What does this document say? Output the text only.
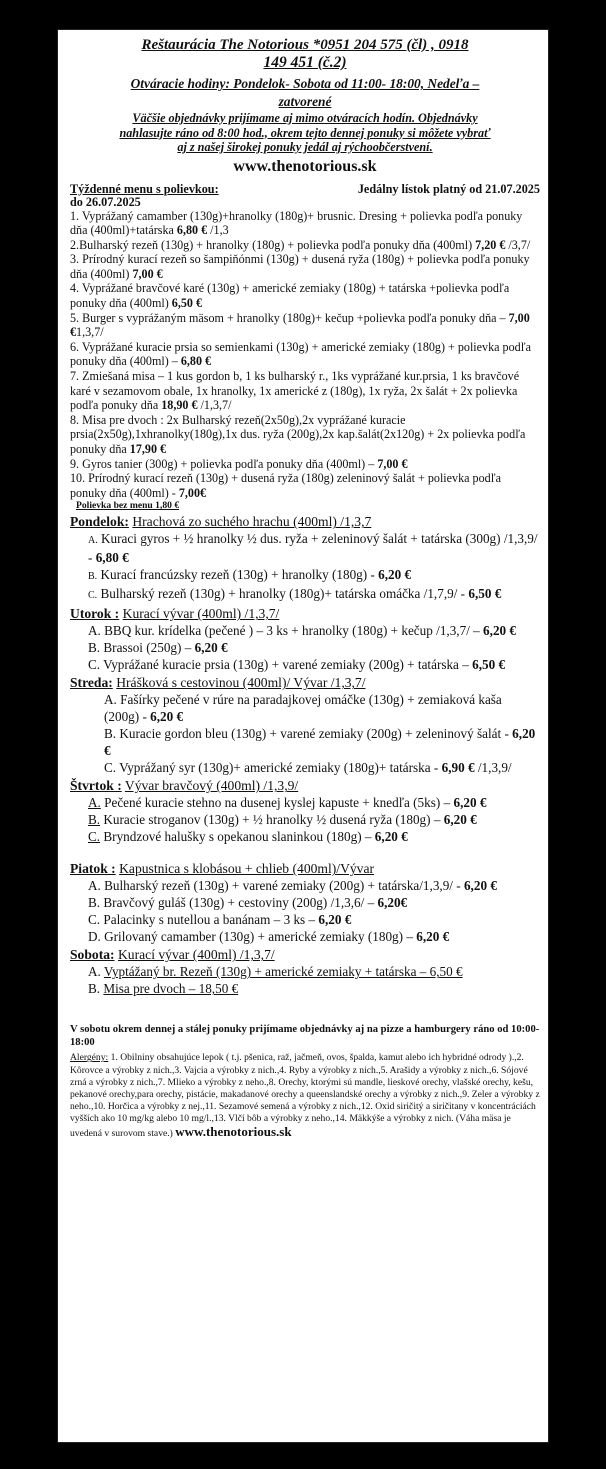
Reštaurácia The Notorious *0951 204 575 (čl) , 0918
149 451 (č.2)
Otváracie hodiny: Pondelok- Sobota od 11:00- 18:00, Nedeľa –
zatvorené
Väčšie objednávky prijímame aj mimo otváracích hodín. Objednávky
nahlasujte ráno od 8:00 hod., okrem tejto dennej ponuky si môžete vybrať
aj z našej širokej ponuky jedál aj rýchoobčerstvení.
www.thenotorious.sk
Týždenné menu s polievkou:	Jedálny lístok platný od 21.07.2025
do 26.07.2025
1. Vyprážaný camamber (130g)+hranolky (180g)+ brusnic. Dresing + polievka podľa ponuky dňa (400ml)+tatárska 6,80 € /1,3
2.Bulharský rezeň (130g) + hranolky (180g) + polievka podľa ponuky dňa (400ml) 7,20 € /3,7/
3. Prírodný kurací rezeň so šampiňónmi (130g) + dusená ryža (180g) + polievka podľa ponuky dňa (400ml) 7,00 €
4. Vyprážané bravčové karé (130g) + americké zemiaky (180g) + tatárska +polievka podľa ponuky dňa (400ml) 6,50 €
5. Burger s vyprážaným mäsom + hranolky (180g)+ kečup +polievka podľa ponuky dňa – 7,00 €1,3,7/
6. Vyprážané kuracie prsia so semienkami (130g) + americké zemiaky (180g) + polievka podľa ponuky dňa (400ml) – 6,80 €
7. Zmiešaná misa – 1 kus gordon b, 1 ks bulharský r., 1ks vyprážané kur.prsia, 1 ks bravčové karé v sezamovom obale, 1x hranolky, 1x americké z (180g), 1x ryža, 2x šalát + 2x polievka podľa ponuky dňa 18,90 € /1,3,7/
8. Misa pre dvoch : 2x Bulharský rezeň(2x50g),2x vyprážané kuracie prsia(2x50g),1xhranolky(180g),1x dus. ryža (200g),2x kap.šalát(2x120g) + 2x polievka podľa ponuky dňa 17,90 €
9. Gyros tanier (300g) + polievka podľa ponuky dňa (400ml) – 7,00 €
10. Prírodný kurací rezeň (130g) + dusená ryža (180g) zeleninový šalát + polievka podľa ponuky dňa (400ml) - 7,00€
Polievka bez menu 1,80 €
Pondelok: Hrachová zo suchého hrachu (400ml) /1,3,7
A. Kuraci gyros + ½ hranolky ½ dus. ryža + zeleninový šalát + tatárska (300g) /1,3,9/ - 6,80 €
B. Kurací francúzsky rezeň (130g) + hranolky (180g) - 6,20 €
C. Bulharský rezeň (130g) + hranolky (180g)+ tatárska omáčka /1,7,9/ - 6,50 €
Utorok : Kurací vývar (400ml) /1,3,7/
A. BBQ kur. krídelka (pečené ) – 3 ks + hranolky (180g) + kečup /1,3,7/ – 6,20 €
B. Brassoi (250g) – 6,20 €
C. Vyprážané kuracie prsia (130g) + varené zemiaky (200g) + tatárska – 6,50 €
Streda: Hrášková s cestovinou (400ml)/ Vývar /1,3,7/
A. Fašírky pečené v rúre na paradajkovej omáčke (130g) + zemiaková kaša (200g) - 6,20 €
B. Kuracie gordon bleu (130g) + varené zemiaky (200g) + zeleninový šalát - 6,20 €
C. Vyprážaný syr (130g)+ americké zemiaky (180g)+ tatárska - 6,90 € /1,3,9/
Štvrtok : Vývar bravčový (400ml) /1,3,9/
A. Pečené kuracie stehno na dusenej kyslej kapuste + knedľa (5ks) – 6,20 €
B. Kuracie stroganov (130g) + ½ hranolky ½ dusená ryža (180g) – 6,20 €
C. Bryndzové halušky s opekanou slaninkou (180g) – 6,20 €
Piatok : Kapustnica s klobásou + chlieb (400ml)/Vývar
A. Bulharský rezeň (130g) + varené zemiaky (200g) + tatárska/1,3,9/ - 6,20 €
B. Bravčový guláš (130g) + cestoviny (200g) /1,3,6/ – 6,20€
C. Palacinky s nutellou a banánam – 3 ks – 6,20 €
D. Grilovaný camamber (130g) + americké zemiaky (180g) – 6,20 €
Sobota: Kurací vývar (400ml) /1,3,7/
A. Vyptážaný br. Rezeň (130g) + americké zemiaky + tatárska – 6,50 €
B. Misa pre dvoch – 18,50 €
V sobotu okrem dennej a stálej ponuky prijímame objednávky aj na pizze a hamburgery ráno od 10:00-18:00
Alergény: 1. Obilniny obsahujúce lepok ( t.j. pšenica, raž, jačmeň, ovos, špalda, kamut alebo ich hybridné odrody ).,2. Kôrovce a výrobky z nich.,3. Vajcia a výrobky z nich.,4. Ryby a výrobky z nich.,5. Arašidy a výrobky z nich.,6. Sójové zrná a výrobky z nich.,7. Mlieko a výrobky z neho.,8. Orechy, ktorými sú mandle, lieskové orechy, vlašské orechy, kešu, pekanové orechy,para orechy, pistácie, makadanové orechy a queenslandské orechy a výrobky z nich.,9. Zeler a výrobky z neho.,10. Horčica a výrobky z nej.,11. Sezamové semená a výrobky z nich.,12. Oxid siričitý a siričitany v koncentráciách vyšších ako 10 mg/kg alebo 10 mg/l.,13. Vlčí bôb a výrobky z neho.,14. Mäkkýše a výrobky z nich. (Váha mäsa je uvedená v surovom stave.) www.thenotorious.sk
